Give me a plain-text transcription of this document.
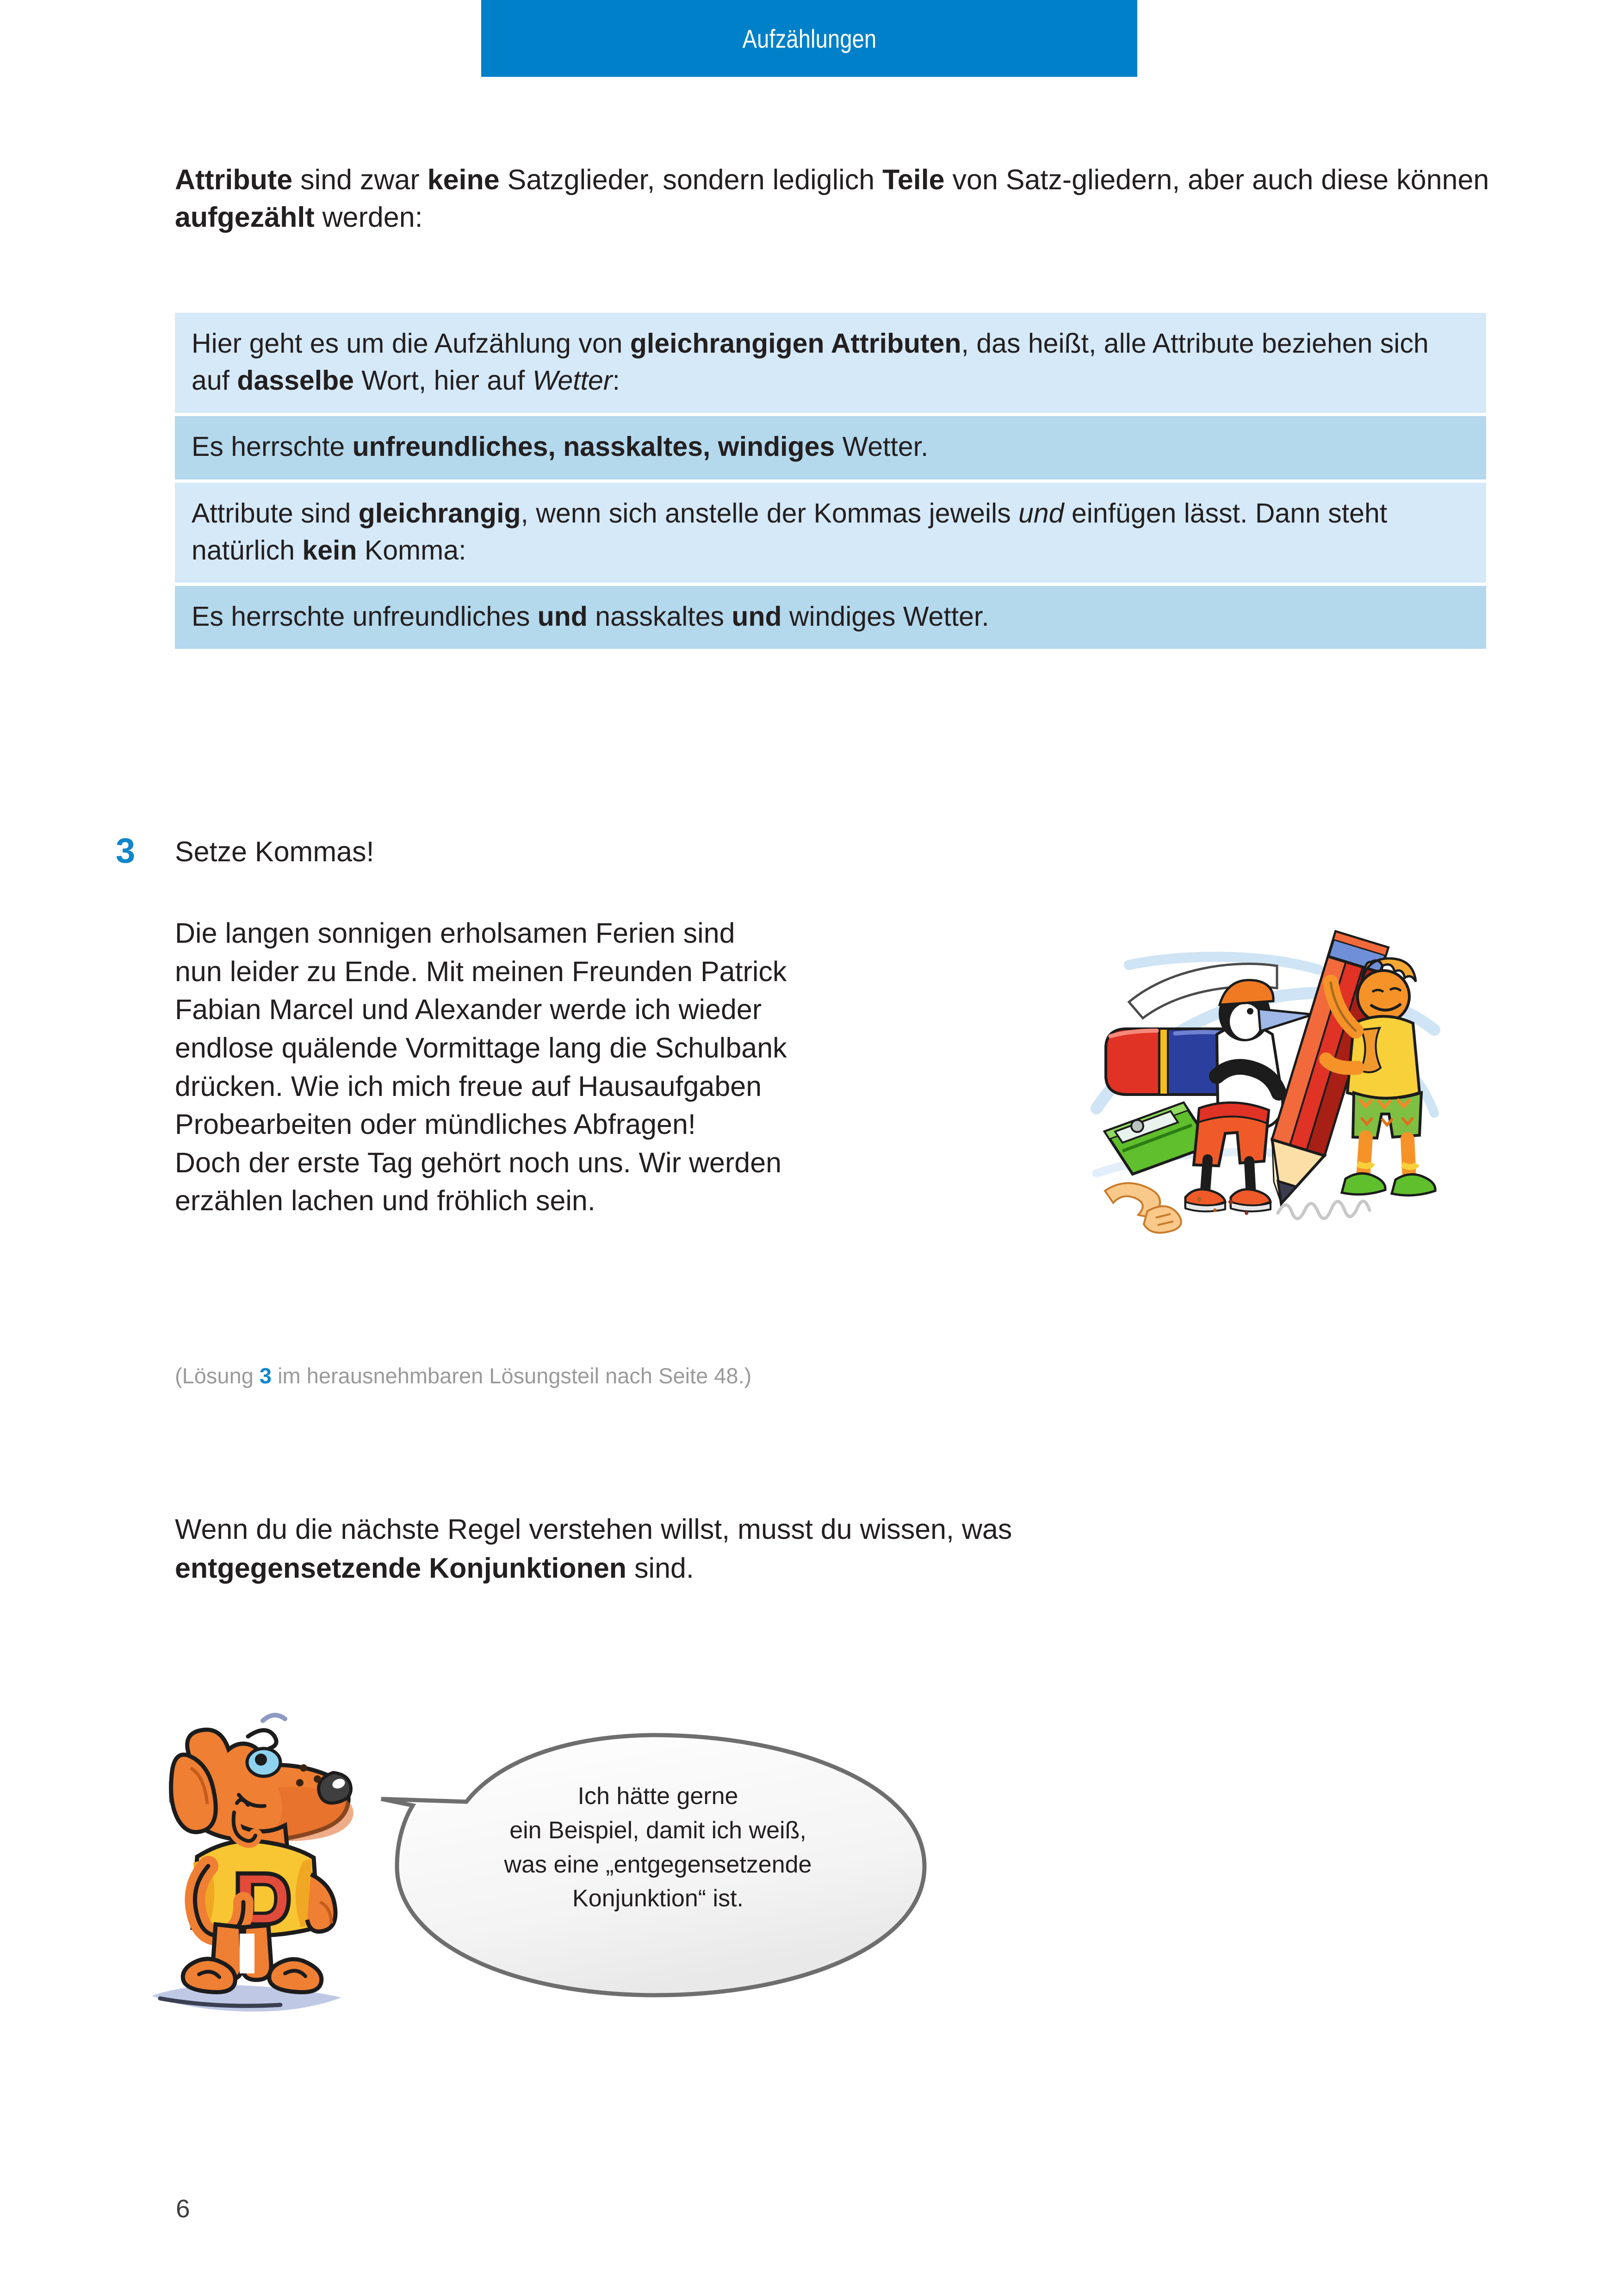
Aufzählungen
Attribute sind zwar keine Satzglieder, sondern lediglich Teile von Satz-gliedern, aber auch diese können aufgezählt werden:
Hier geht es um die Aufzählung von gleichrangigen Attributen, das heißt, alle Attribute beziehen sich auf dasselbe Wort, hier auf Wetter:
Es herrschte unfreundliches, nasskaltes, windiges Wetter.
Attribute sind gleichrangig, wenn sich anstelle der Kommas jeweils und einfügen lässt. Dann steht natürlich kein Komma:
Es herrschte unfreundliches und nasskaltes und windiges Wetter.
3 Setze Kommas!
Die langen sonnigen erholsamen Ferien sind
nun leider zu Ende. Mit meinen Freunden Patrick
Fabian Marcel und Alexander werde ich wieder
endlose quälende Vormittage lang die Schulbank
drücken. Wie ich mich freue auf Hausaufgaben
Probearbeiten oder mündliches Abfragen!
Doch der erste Tag gehört noch uns. Wir werden
erzählen lachen und fröhlich sein.
(Lösung 3 im herausnehmbaren Lösungsteil nach Seite 48.)
Wenn du die nächste Regel verstehen willst, musst du wissen, was
entgegensetzende Konjunktionen sind.
Ich hätte gerne
ein Beispiel, damit ich weiß,
was eine „entgegensetzende
Konjunktion“ ist.
6
